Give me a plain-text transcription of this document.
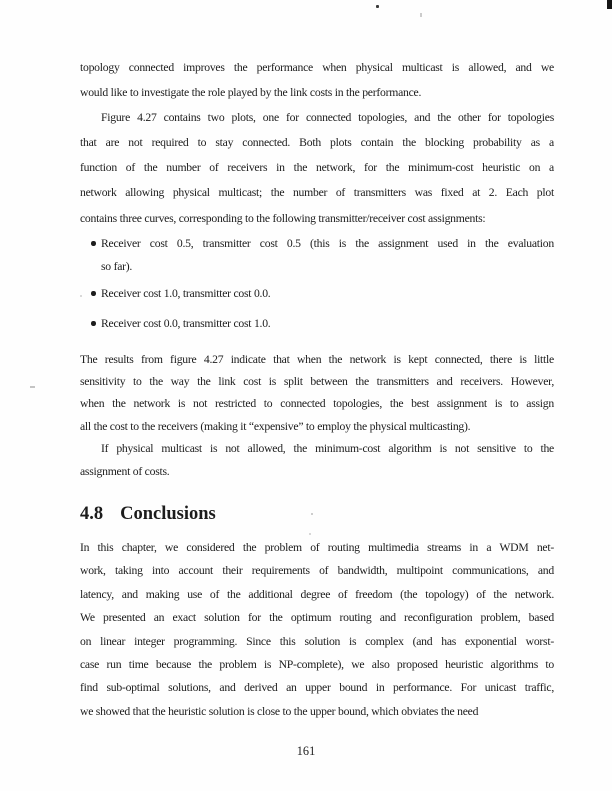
topology connected improves the performance when physical multicast is allowed, and we
would like to investigate the role played by the link costs in the performance.
Figure 4.27 contains two plots, one for connected topologies, and the other for topologies
that are not required to stay connected. Both plots contain the blocking probability as a
function of the number of receivers in the network, for the minimum-cost heuristic on a
network allowing physical multicast; the number of transmitters was fixed at 2. Each plot
contains three curves, corresponding to the following transmitter/receiver cost assignments:
Receiver cost 0.5, transmitter cost 0.5 (this is the assignment used in the evaluation
so far).
Receiver cost 1.0, transmitter cost 0.0.
Receiver cost 0.0, transmitter cost 1.0.
The results from figure 4.27 indicate that when the network is kept connected, there is little
sensitivity to the way the link cost is split between the transmitters and receivers. However,
when the network is not restricted to connected topologies, the best assignment is to assign
all the cost to the receivers (making it “expensive” to employ the physical multicasting).
If physical multicast is not allowed, the minimum-cost algorithm is not sensitive to the
assignment of costs.
4.8 Conclusions
In this chapter, we considered the problem of routing multimedia streams in a WDM net-
work, taking into account their requirements of bandwidth, multipoint communications, and
latency, and making use of the additional degree of freedom (the topology) of the network.
We presented an exact solution for the optimum routing and reconfiguration problem, based
on linear integer programming. Since this solution is complex (and has exponential worst-
case run time because the problem is NP-complete), we also proposed heuristic algorithms to
find sub-optimal solutions, and derived an upper bound in performance. For unicast traffic,
we showed that the heuristic solution is close to the upper bound, which obviates the need
161
